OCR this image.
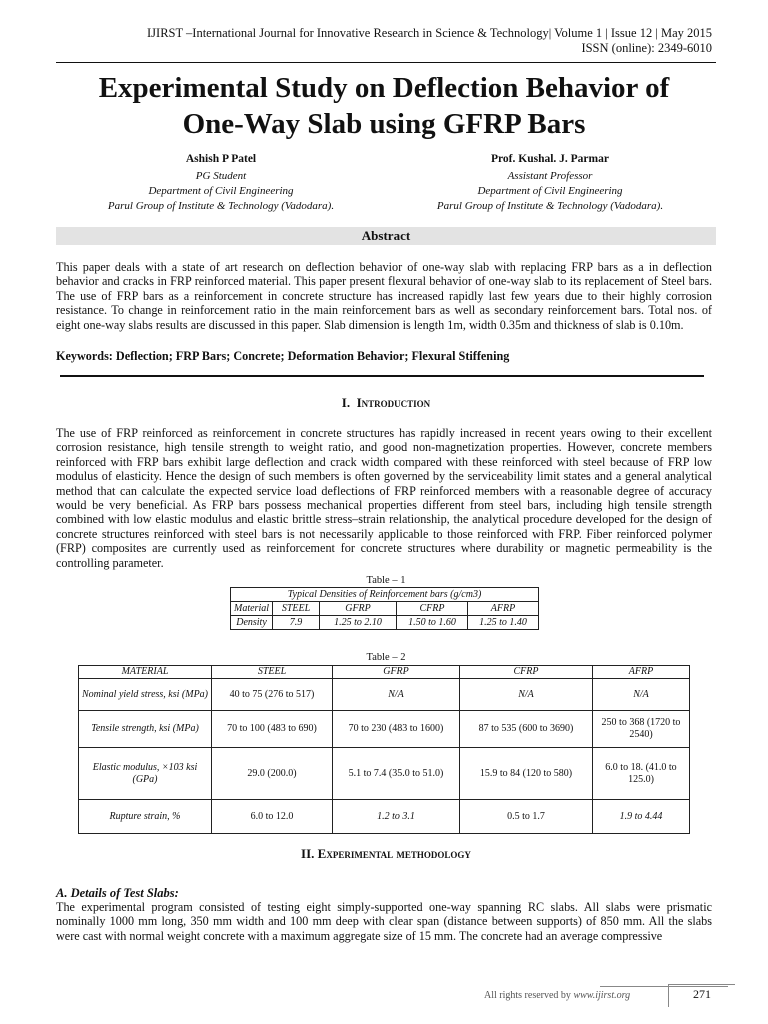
IJIRST –International Journal for Innovative Research in Science & Technology| Volume 1 | Issue 12 | May 2015
ISSN (online): 2349-6010
Experimental Study on Deflection Behavior of
One-Way Slab using GFRP Bars
Ashish P Patel
PG Student
Department of Civil Engineering
Parul Group of Institute & Technology (Vadodara).
Prof. Kushal. J. Parmar
Assistant Professor
Department of Civil Engineering
Parul Group of Institute & Technology (Vadodara).
Abstract
This paper deals with a state of art research on deflection behavior of one-way slab with replacing FRP bars as a in deflection behavior and cracks in FRP reinforced material. This paper present flexural behavior of one-way slab to its replacement of Steel bars. The use of FRP bars as a reinforcement in concrete structure has increased rapidly last few years due to their highly corrosion resistance. To change in reinforcement ratio in the main reinforcement bars as well as secondary reinforcement bars. Total nos. of eight one-way slabs results are discussed in this paper. Slab dimension is length 1m, width 0.35m and thickness of slab is 0.10m.
Keywords: Deflection; FRP Bars; Concrete; Deformation Behavior; Flexural Stiffening
I. Introduction
The use of FRP reinforced as reinforcement in concrete structures has rapidly increased in recent years owing to their excellent corrosion resistance, high tensile strength to weight ratio, and good non-magnetization properties. However, concrete members reinforced with FRP bars exhibit large deflection and crack width compared with these reinforced with steel because of FRP low modulus of elasticity. Hence the design of such members is often governed by the serviceability limit states and a general analytical method that can calculate the expected service load deflections of FRP reinforced members with a reasonable degree of accuracy would be very beneficial. As FRP bars possess mechanical properties different from steel bars, including high tensile strength combined with low elastic modulus and elastic brittle stress–strain relationship, the analytical procedure developed for the design of concrete structures reinforced with steel bars is not necessarily applicable to those reinforced with FRP. Fiber reinforced polymer (FRP) composites are currently used as reinforcement for concrete structures where durability or magnetic permeability is the controlling parameter.
Table – 1
Typical Densities of Reinforcement bars (g/cm3)				
Material	STEEL	GFRP	CFRP	AFRP
Density	7.9	1.25 to 2.10	1.50 to 1.60	1.25 to 1.40
Table – 2
MATERIAL	STEEL	GFRP	CFRP	AFRP
Nominal yield stress, ksi (MPa)	40 to 75 (276 to 517)	N/A	N/A	N/A
Tensile strength, ksi (MPa)	70 to 100 (483 to 690)	70 to 230 (483 to 1600)	87 to 535 (600 to 3690)	250 to 368 (1720 to 2540)
Elastic modulus, ×103 ksi (GPa)	29.0 (200.0)	5.1 to 7.4 (35.0 to 51.0)	15.9 to 84 (120 to 580)	6.0 to 18. (41.0 to 125.0)
Rupture strain, %	6.0 to 12.0	1.2 to 3.1	0.5 to 1.7	1.9 to 4.44
II. Experimental methodology
A. Details of Test Slabs:
The experimental program consisted of testing eight simply-supported one-way spanning RC slabs. All slabs were prismatic nominally 1000 mm long, 350 mm width and 100 mm deep with clear span (distance between supports) of 850 mm. All the slabs were cast with normal weight concrete with a maximum aggregate size of 15 mm. The concrete had an average compressive
All rights reserved by www.ijirst.org	271
